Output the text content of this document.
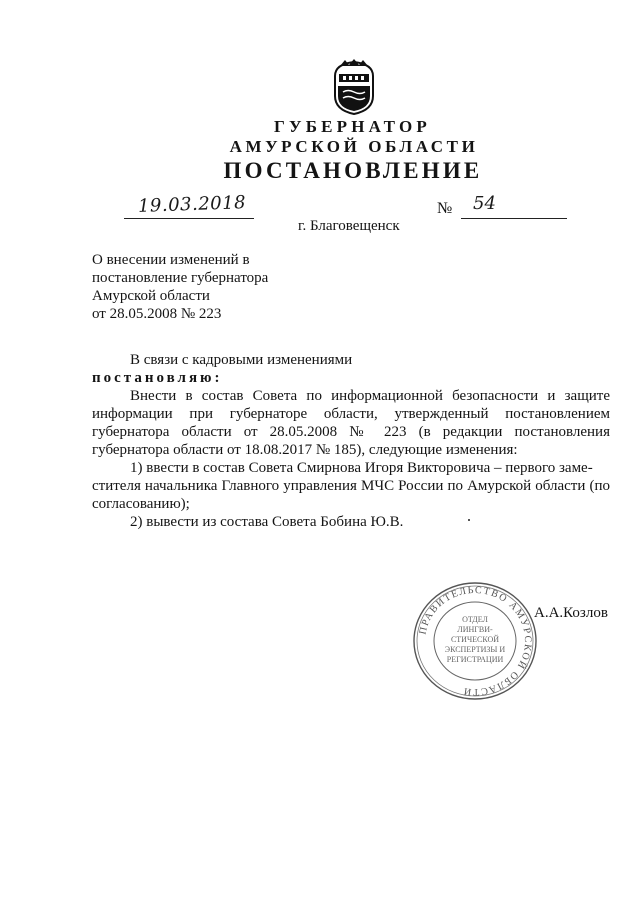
ГУБЕРНАТОР
АМУРСКОЙ ОБЛАСТИ
ПОСТАНОВЛЕНИЕ
19.03.2018	№ 54
г. Благовещенск
О внесении изменений в
постановление губернатора
Амурской области
от 28.05.2008 № 223
В связи с кадровыми изменениями
постановляю:
Внести в состав Совета по информационной безопасности и защите информации при губернаторе области, утвержденный постановлением губернатора области от 28.05.2008 № 223 (в редакции постановления губернатора области от 18.08.2017 № 185), следующие изменения:
1) ввести в состав Совета Смирнова Игоря Викторовича – первого заме-
стителя начальника Главного управления МЧС России по Амурской области (по согласованию);
2) вывести из состава Совета Бобина Ю.В.
ПРАВИТЕЛЬСТВО АМУРСКОЙ ОБЛАСТИ
ОТДЕЛ
ЛИНГВИ-
СТИЧЕСКОЙ
ЭКСПЕРТИЗЫ И
РЕГИСТРАЦИИ
А.А.Козлов
